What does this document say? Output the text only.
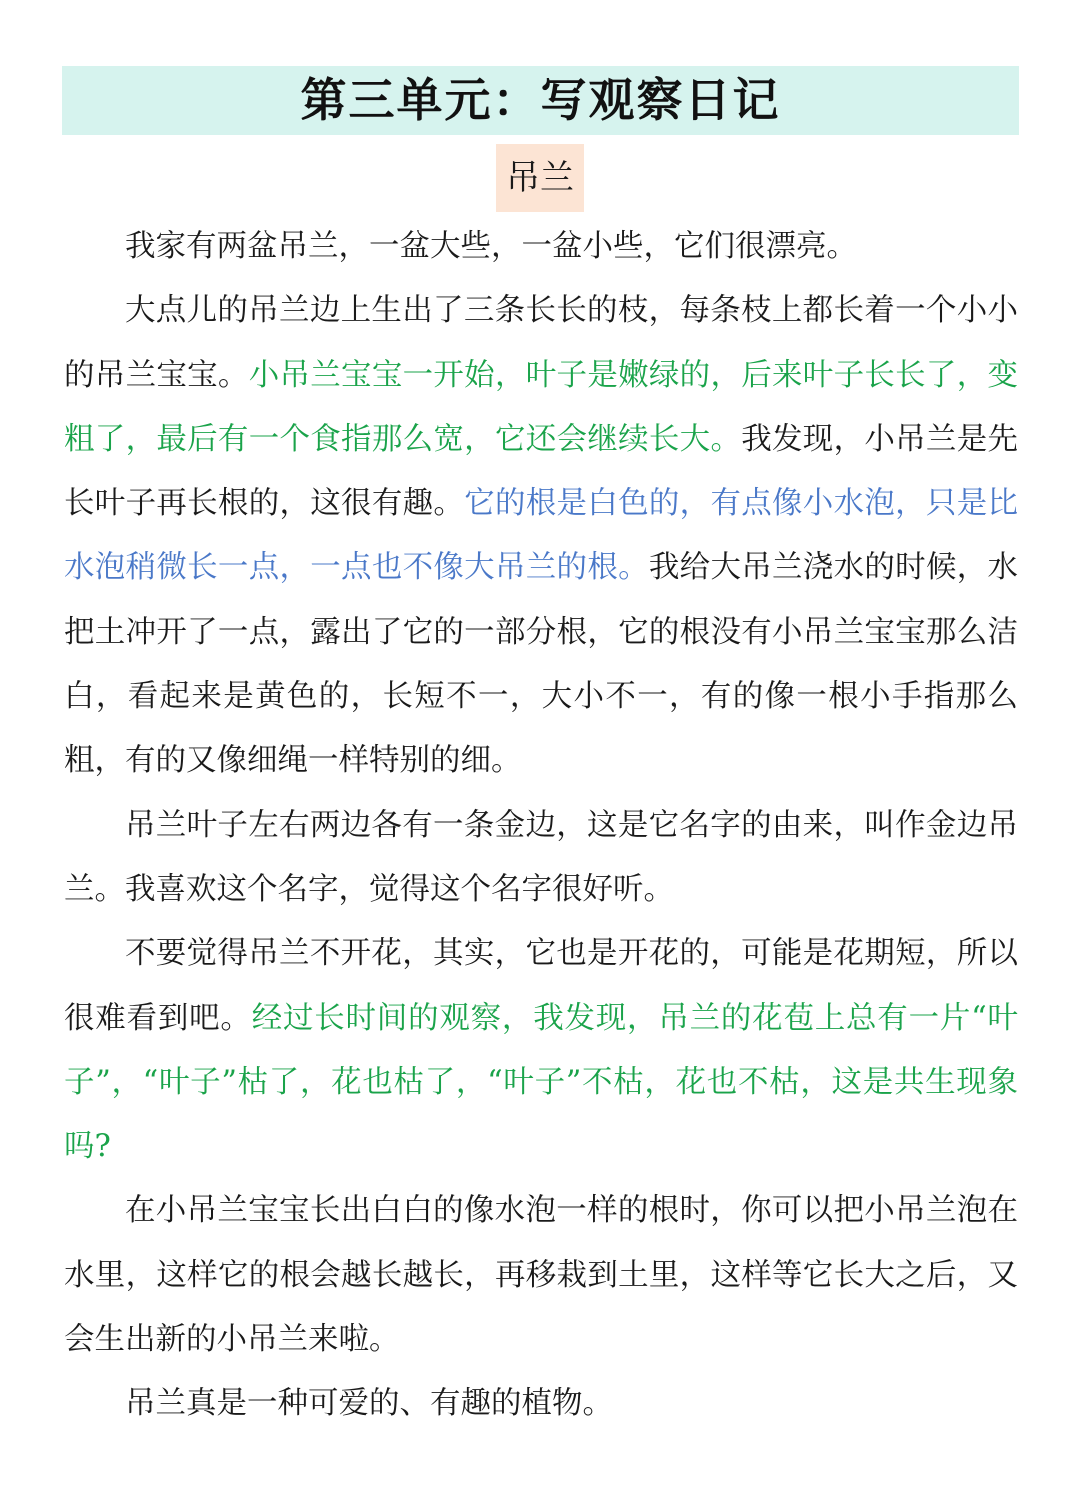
第三单元：写观察日记
吊兰

我家有两盆吊兰，一盆大些，一盆小些，它们很漂亮。

大点儿的吊兰边上生出了三条长长的枝，每条枝上都长着一个小小的吊兰宝宝。小吊兰宝宝一开始，叶子是嫩绿的，后来叶子长长了，变粗了，最后有一个食指那么宽，它还会继续长大。我发现，小吊兰是先长叶子再长根的，这很有趣。它的根是白色的，有点像小水泡，只是比水泡稍微长一点，一点也不像大吊兰的根。我给大吊兰浇水的时候，水把土冲开了一点，露出了它的一部分根，它的根没有小吊兰宝宝那么洁白，看起来是黄色的，长短不一，大小不一，有的像一根小手指那么粗，有的又像细绳一样特别的细。

吊兰叶子左右两边各有一条金边，这是它名字的由来，叫作金边吊兰。我喜欢这个名字，觉得这个名字很好听。

不要觉得吊兰不开花，其实，它也是开花的，可能是花期短，所以很难看到吧。经过长时间的观察，我发现，吊兰的花苞上总有一片“叶子”，“叶子”枯了，花也枯了，“叶子”不枯，花也不枯，这是共生现象吗?

在小吊兰宝宝长出白白的像水泡一样的根时，你可以把小吊兰泡在水里，这样它的根会越长越长，再移栽到土里，这样等它长大之后，又会生出新的小吊兰来啦。

吊兰真是一种可爱的、有趣的植物。
